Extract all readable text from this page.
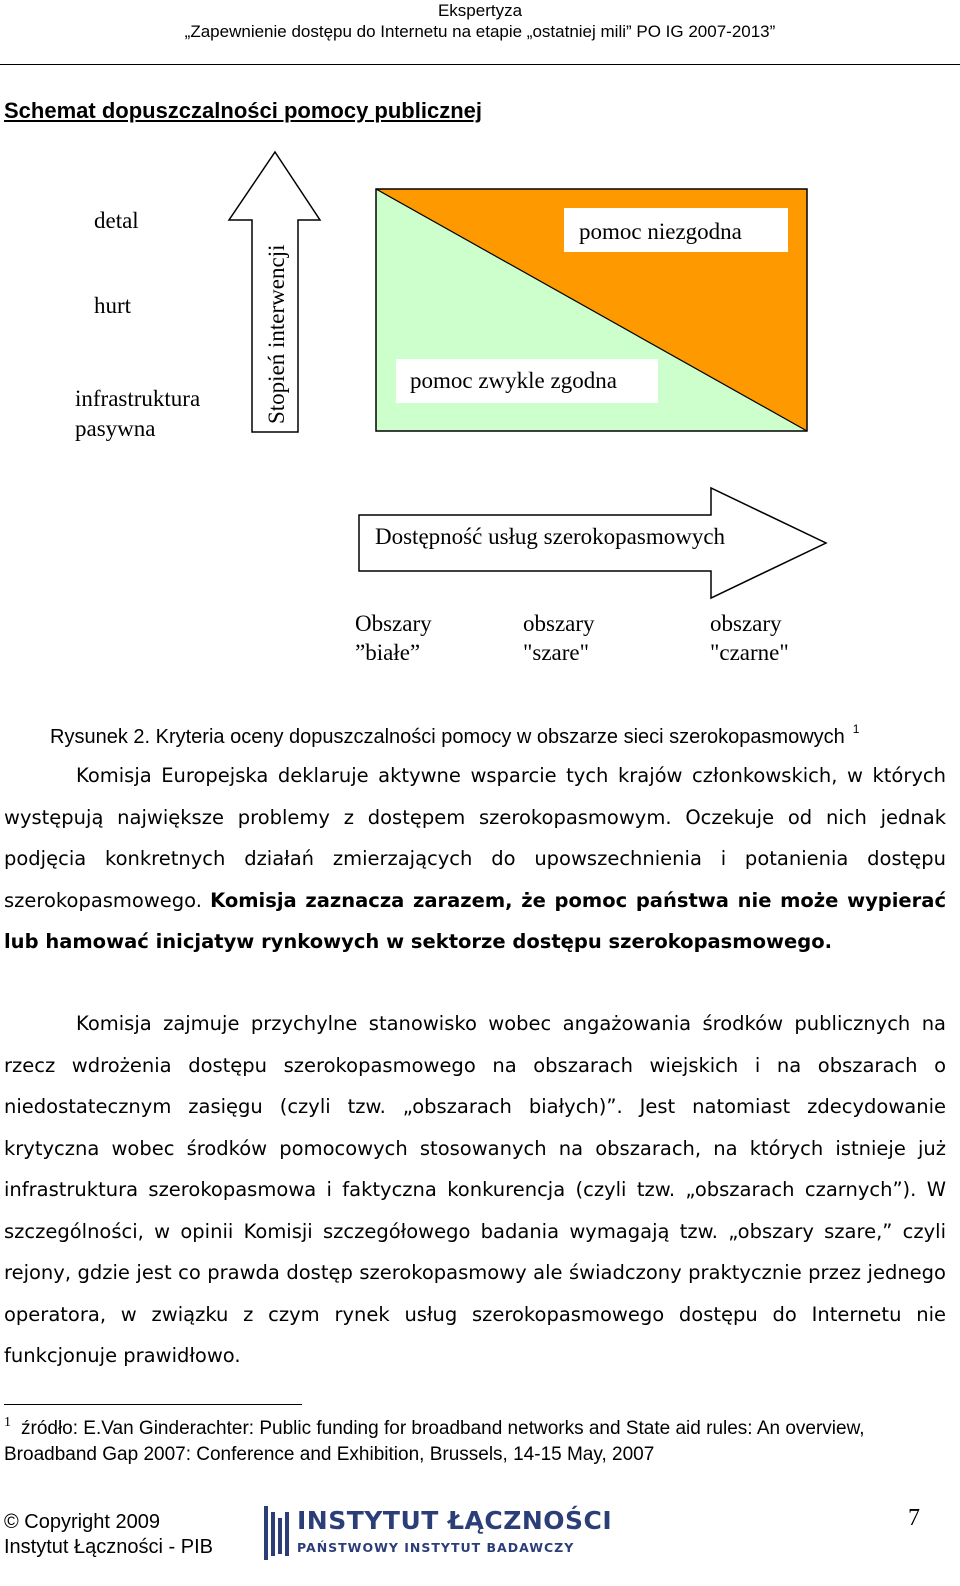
Ekspertyza
„Zapewnienie dostępu do Internetu na etapie „ostatniej mili” PO IG 2007-2013”
Schemat dopuszczalności pomocy publicznej
detal
hurt
infrastruktura
pasywna
Stopień interwencji
pomoc niezgodna
pomoc zwykle zgodna
Dostępność usług szerokopasmowych
Obszary
”białe”
obszary
"szare"
obszary
"czarne"
Rysunek 2. Kryteria oceny dopuszczalności pomocy w obszarze sieci szerokopasmowych $^1$
Komisja Europejska deklaruje aktywne wsparcie tych krajów członkowskich, w których występują największe problemy z dostępem szerokopasmowym. Oczekuje od nich jednak podjęcia konkretnych działań zmierzających do upowszechnienia i potanienia dostępu szerokopasmowego. Komisja zaznacza zarazem, że pomoc państwa nie może wypierać lub hamować inicjatyw rynkowych w sektorze dostępu szerokopasmowego.
Komisja zajmuje przychylne stanowisko wobec angażowania środków publicznych na rzecz wdrożenia dostępu szerokopasmowego na obszarach wiejskich i na obszarach o niedostatecznym zasięgu (czyli tzw. „obszarach białych)”. Jest natomiast zdecydowanie krytyczna wobec środków pomocowych stosowanych na obszarach, na których istnieje już infrastruktura szerokopasmowa i faktyczna konkurencja (czyli tzw. „obszarach czarnych”). W szczególności, w opinii Komisji szczegółowego badania wymagają tzw. „obszary szare,” czyli rejony, gdzie jest co prawda dostęp szerokopasmowy ale świadczony praktycznie przez jednego operatora, w związku z czym rynek usług szerokopasmowego dostępu do Internetu nie funkcjonuje prawidłowo.
$^1$ źródło: E.Van Ginderachter: Public funding for broadband networks and State aid rules: An overview,
Broadband Gap 2007: Conference and Exhibition, Brussels, 14-15 May, 2007
© Copyright 2009
Instytut Łączności - PIB
INSTYTUT ŁĄCZNOŚCI
PAŃSTWOWY INSTYTUT BADAWCZY
7
